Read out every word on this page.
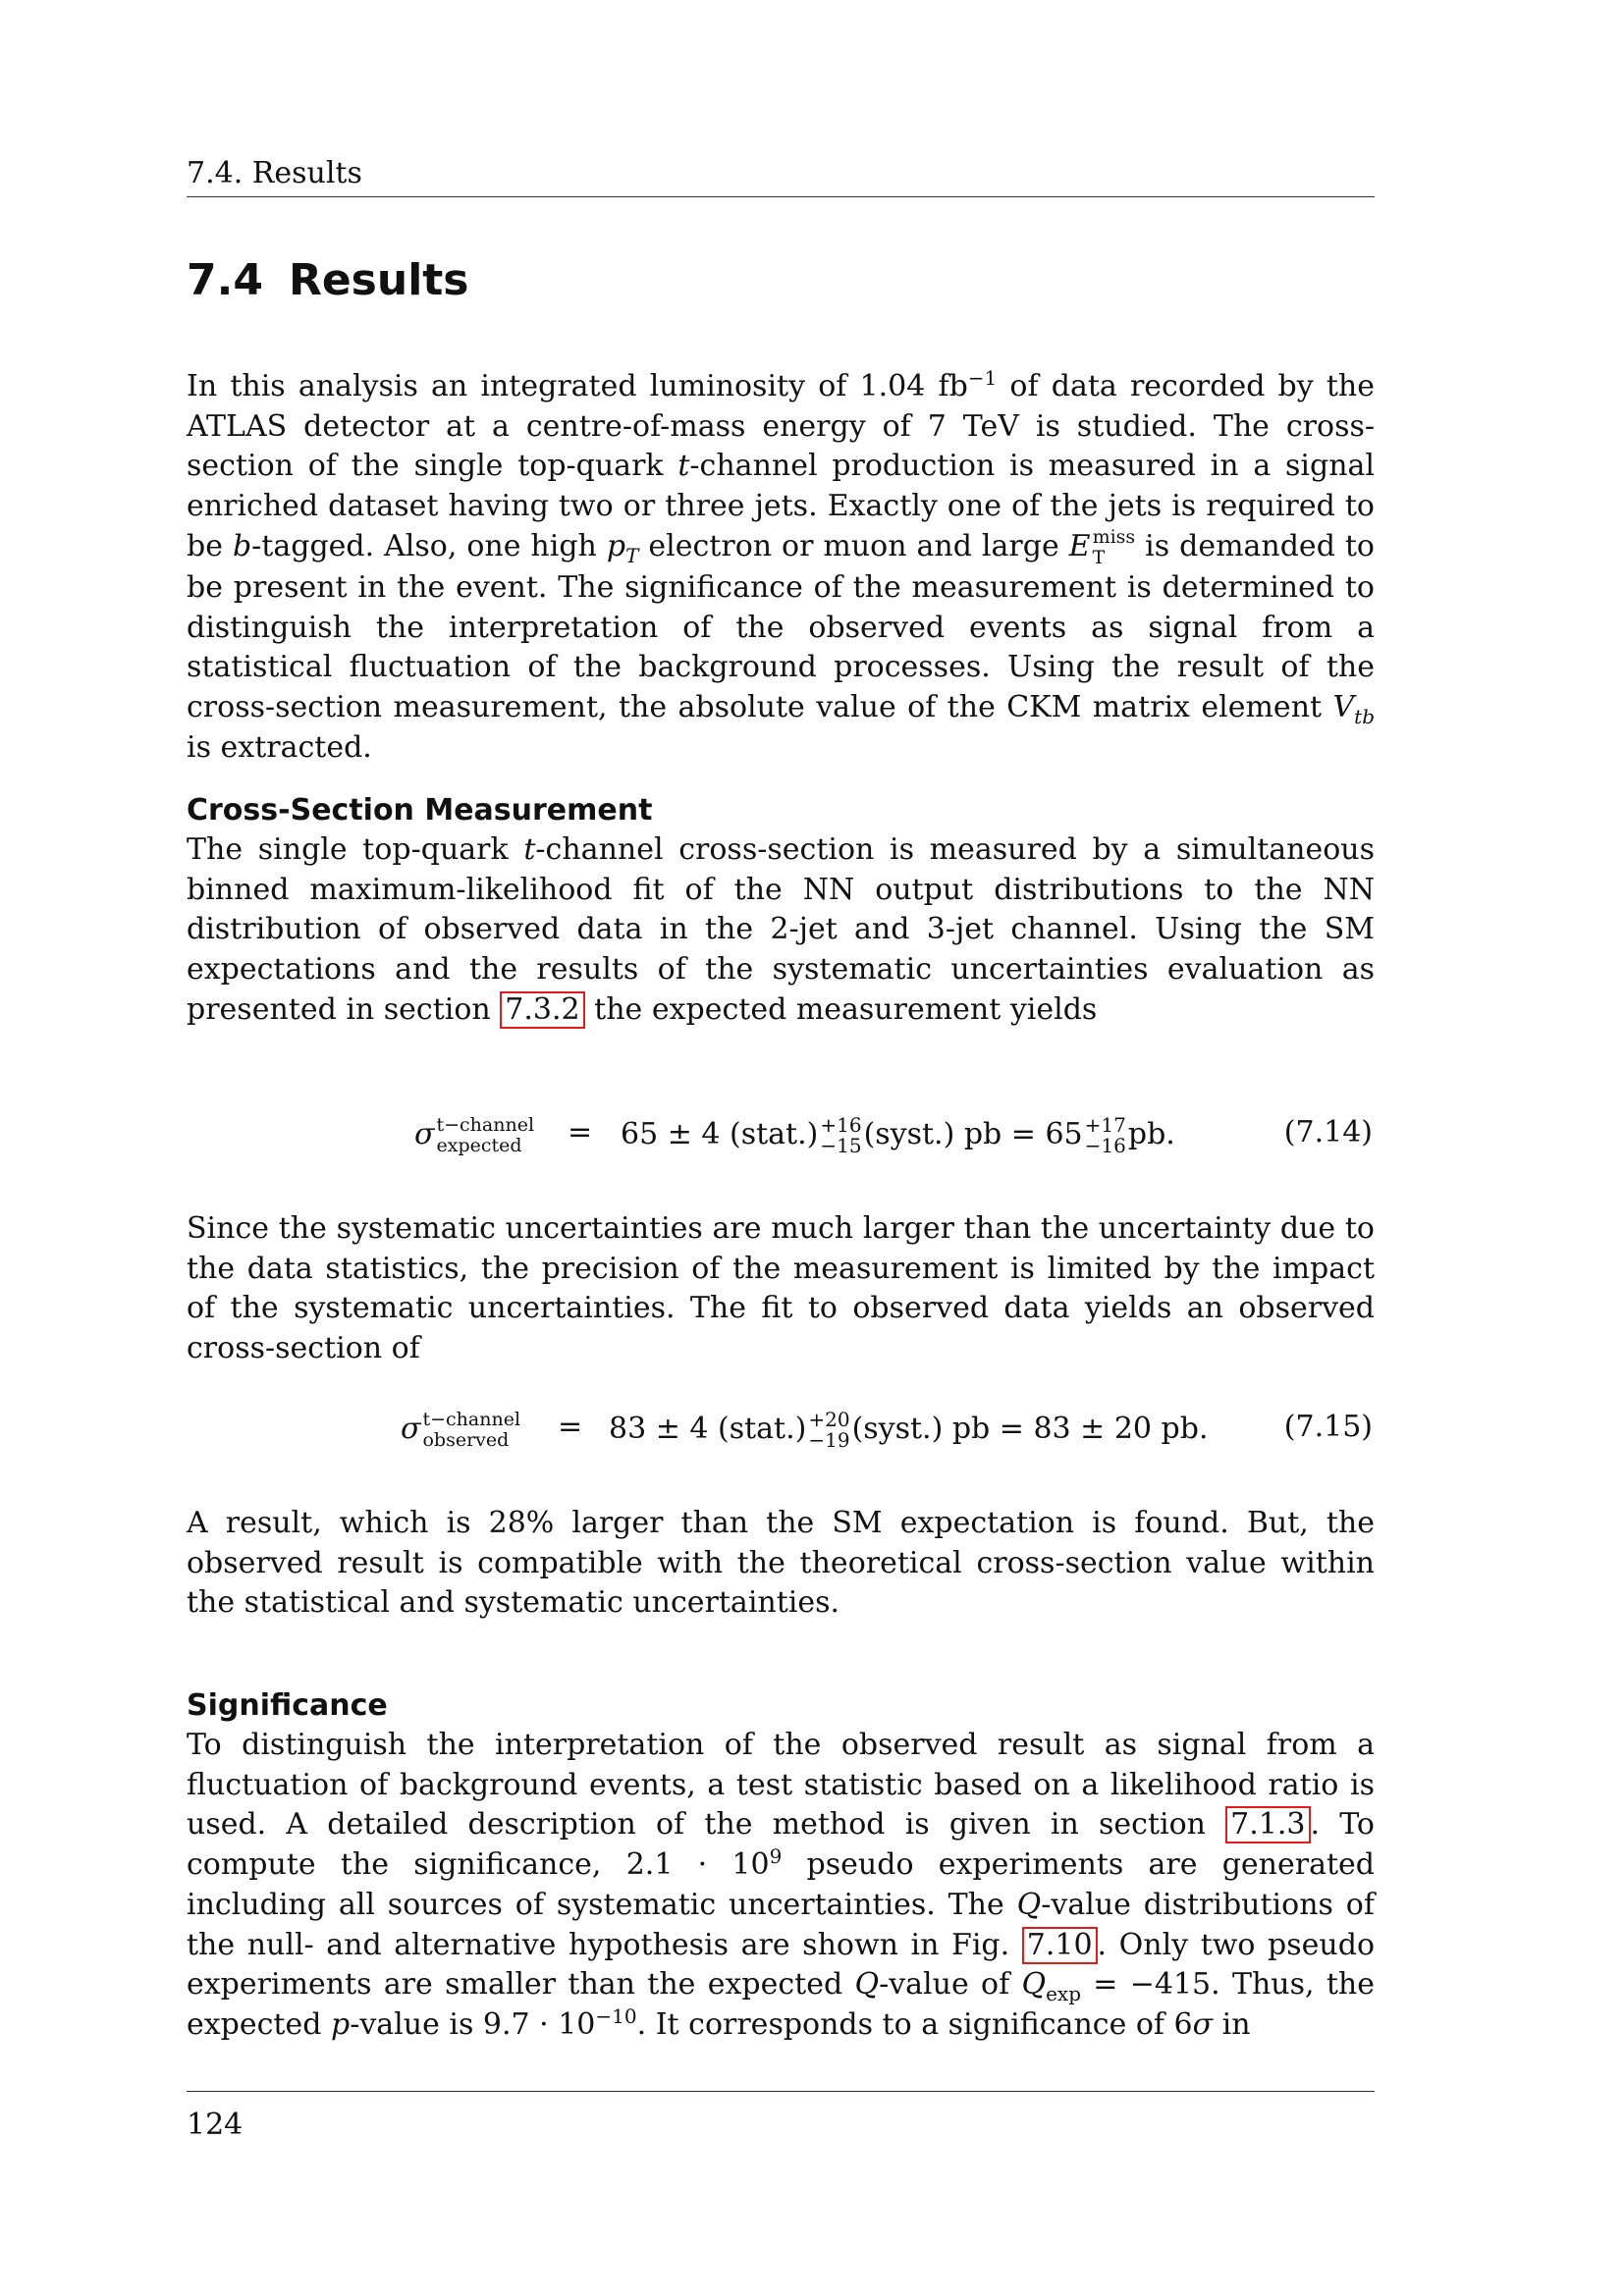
7.4. Results
7.4 Results

In this analysis an integrated luminosity of 1.04 $fb^{-1}$ of data recorded by the ATLAS detector at a centre-of-mass energy of 7 TeV is studied. The cross-section of the single top-quark t-channel production is measured in a signal enriched dataset having two or three jets. Exactly one of the jets is required to be b-tagged. Also, one high $p_T$ electron or muon and large E miss
T	is demanded to be present in the event. The significance of the measurement is determined to distinguish the interpretation of the observed events as signal from a statistical fluctuation of the background processes. Using the result of the cross-section measurement, the absolute value of the CKM matrix element $V_{tb}$ is extracted.

Cross-Section Measurement

The single top-quark t-channel cross-section is measured by a simultaneous binned maximum-likelihood fit of the NN output distributions to the NN distribution of observed data in the 2-jet and 3-jet channel. Using the SM expectations and the results of the systematic uncertainties evaluation as presented in section 7.3.2 the expected measurement yields

σ t−channel
expected	= 65 ± 4 (stat.) +16
−15 (syst.) pb = 65 +17
−16 pb.	(7.14)

Since the systematic uncertainties are much larger than the uncertainty due to the data statistics, the precision of the measurement is limited by the impact of the systematic uncertainties. The fit to observed data yields an observed cross-section of

σ t−channel
observed	= 83 ± 4 (stat.) +20
−19 (syst.) pb = 83 ± 20 pb.	(7.15)

A result, which is 28% larger than the SM expectation is found. But, the observed result is compatible with the theoretical cross-section value within the statistical and systematic uncertainties.

Significance

To distinguish the interpretation of the observed result as signal from a fluctuation of background events, a test statistic based on a likelihood ratio is used. A detailed description of the method is given in section 7.1.3 . To compute the significance, $2.1 \cdot 10^9$ pseudo experiments are generated including all sources of systematic uncertainties. The Q-value distributions of the null- and alternative hypothesis are shown in Fig. 7.10 . Only two pseudo experiments are smaller than the expected Q-value of $Q_{exp} = -415$. Thus, the expected p-value is $9.7 \cdot 10^{-10}$. It corresponds to a significance of 6σ in

124
